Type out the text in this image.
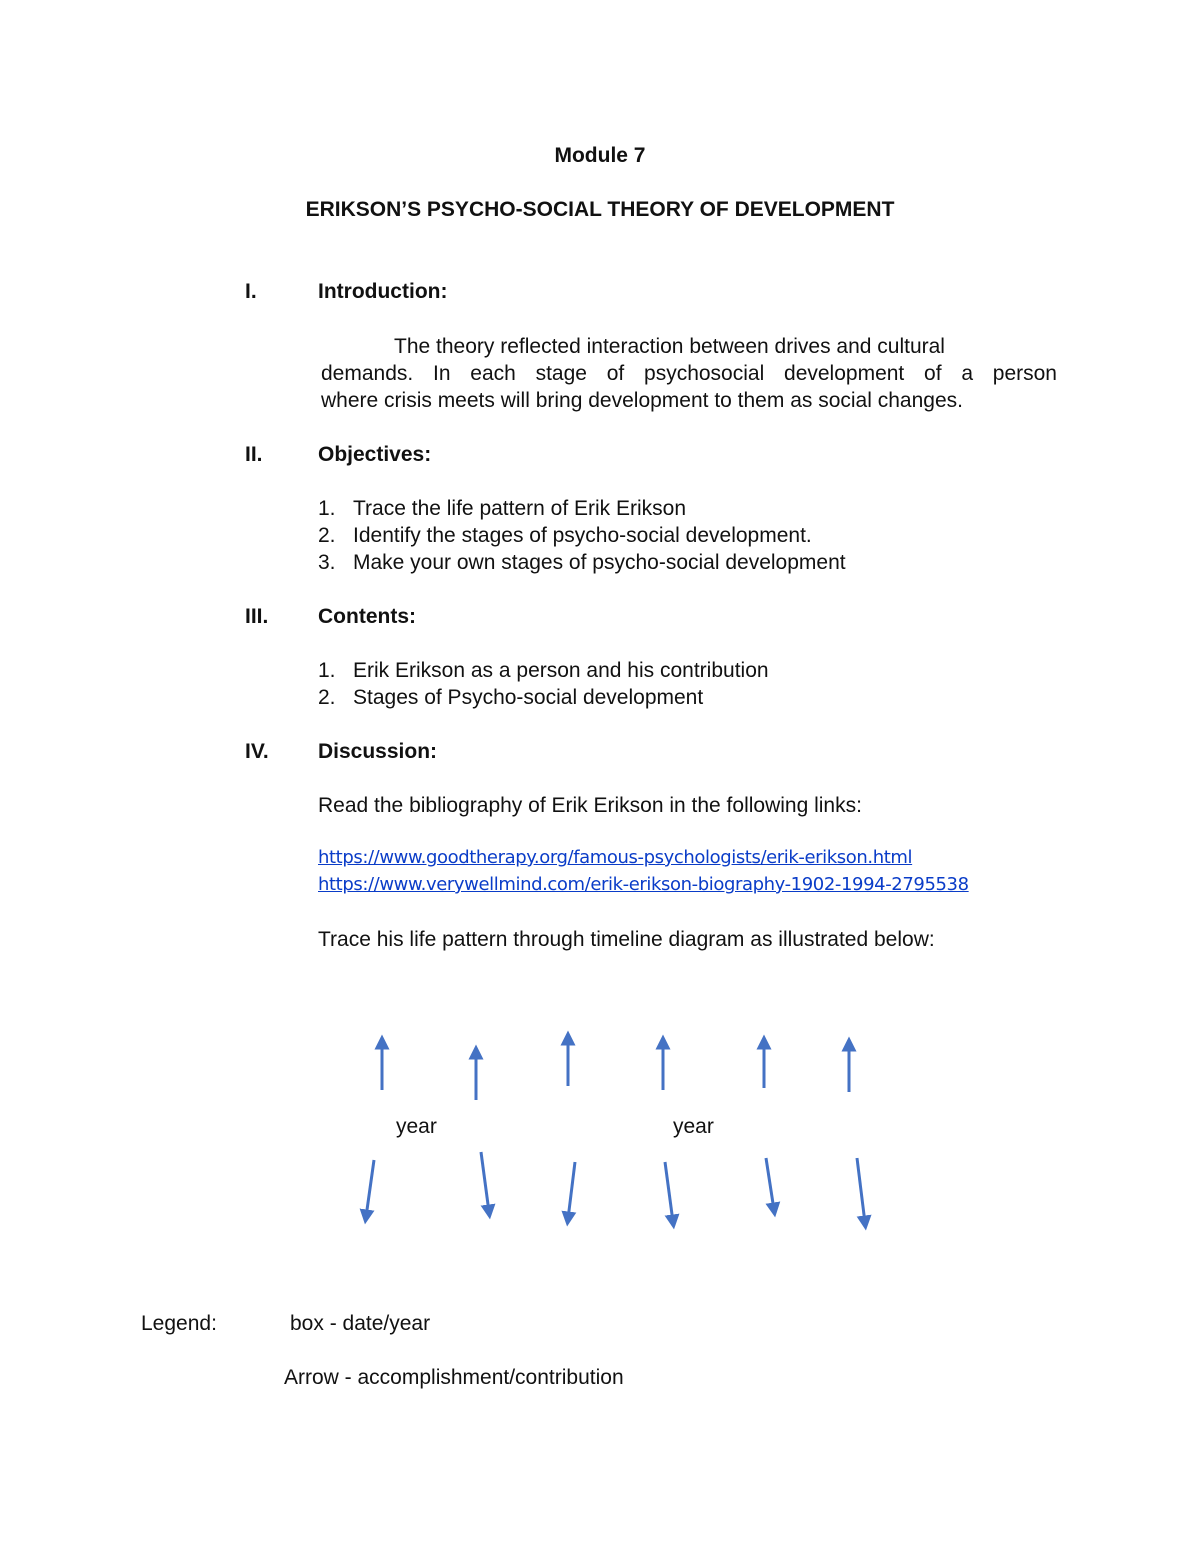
Module 7
ERIKSON’S PSYCHO-SOCIAL THEORY OF DEVELOPMENT
I.	Introduction:
The theory reflected interaction between drives and cultural
demands. In each stage of psychosocial development of a person
where crisis meets will bring development to them as social changes.
II.	Objectives:
1. Trace the life pattern of Erik Erikson
2. Identify the stages of psycho-social development.
3. Make your own stages of psycho-social development
III. Contents:
1. Erik Erikson as a person and his contribution
2. Stages of Psycho-social development
IV. Discussion:
Read the bibliography of Erik Erikson in the following links:
https://www.goodtherapy.org/famous-psychologists/erik-erikson.html
https://www.verywellmind.com/erik-erikson-biography-1902-1994-2795538
Trace his life pattern through timeline diagram as illustrated below:
year	year
Legend:	box - date/year
Arrow - accomplishment/contribution
